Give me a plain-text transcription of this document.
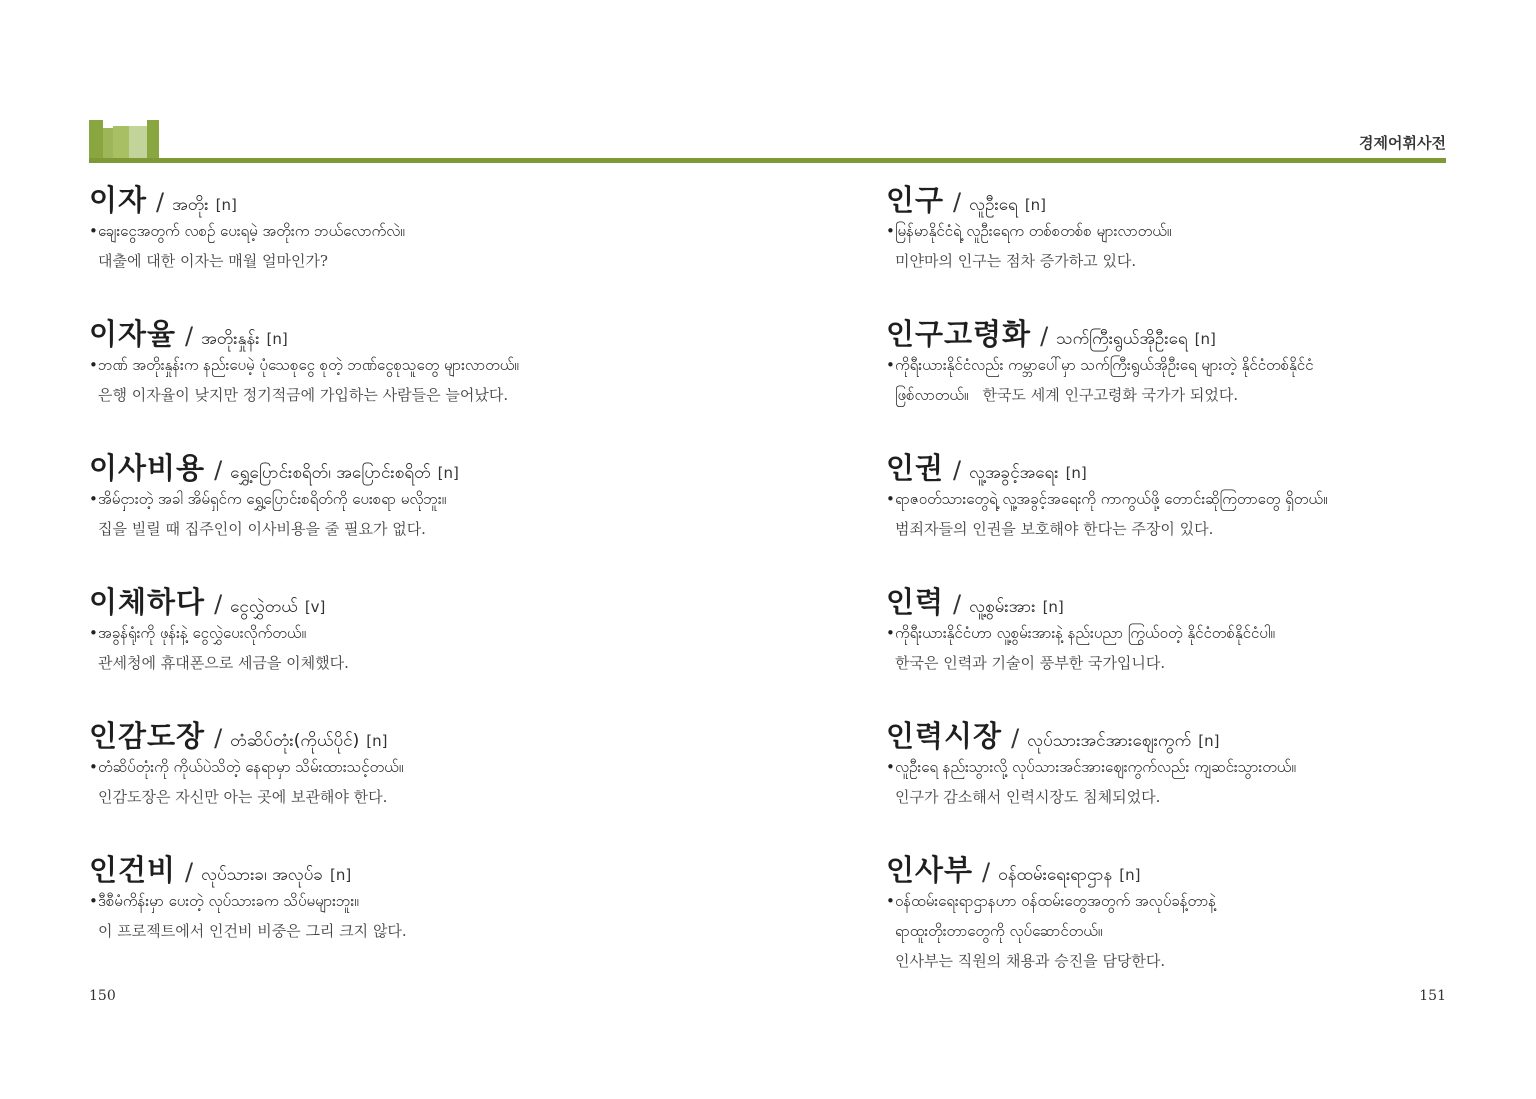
경제어휘사전
이자 / အတိုး [n]
•ချေးငွေအတွက် လစဉ် ပေးရမဲ့ အတိုးက ဘယ်လောက်လဲ။
대출에 대한 이자는 매월 얼마인가?
이자율 / အတိုးနှုန်း [n]
•ဘဏ် အတိုးနှုန်းက နည်းပေမဲ့ ပုံသေစုငွေ စုတဲ့ ဘဏ်ငွေစုသူတွေ များလာတယ်။
은행 이자율이 낮지만 정기적금에 가입하는 사람들은 늘어났다.
이사비용 / ရွှေ့ပြောင်းစရိတ်၊ အပြောင်းစရိတ် [n]
•အိမ်ငှားတဲ့ အခါ အိမ်ရှင်က ရွှေ့ပြောင်းစရိတ်ကို ပေးစရာ မလိုဘူး။
집을 빌릴 때 집주인이 이사비용을 줄 필요가 없다.
이체하다 / ငွေလွှဲတယ် [v]
•အခွန်ရုံးကို ဖုန်းနဲ့ ငွေလွှဲပေးလိုက်တယ်။
관세청에 휴대폰으로 세금을 이체했다.
인감도장 / တံဆိပ်တုံး(ကိုယ်ပိုင်) [n]
•တံဆိပ်တုံးကို ကိုယ်ပဲသိတဲ့ နေရာမှာ သိမ်းထားသင့်တယ်။
인감도장은 자신만 아는 곳에 보관해야 한다.
인건비 / လုပ်သားခ၊ အလုပ်ခ [n]
•ဒီစီမံကိန်းမှာ ပေးတဲ့ လုပ်သားခက သိပ်မများဘူး။
이 프로젝트에서 인건비 비중은 그리 크지 않다.
인구 / လူဦးရေ [n]
•မြန်မာနိုင်ငံရဲ့ လူဦးရေက တစ်စတစ်စ များလာတယ်။
미얀마의 인구는 점차 증가하고 있다.
인구고령화 / သက်ကြီးရွယ်အိုဦးရေ [n]
•ကိုရီးယားနိုင်ငံလည်း ကမ္ဘာပေါ်မှာ သက်ကြီးရွယ်အိုဦးရေ များတဲ့ နိုင်ငံတစ်နိုင်ငံ
ဖြစ်လာတယ်။ 한국도 세계 인구고령화 국가가 되었다.
인권 / လူ့အခွင့်အရေး [n]
•ရာဇဝတ်သားတွေရဲ့ လူ့အခွင့်အရေးကို ကာကွယ်ဖို့ တောင်းဆိုကြတာတွေ ရှိတယ်။
범죄자들의 인권을 보호해야 한다는 주장이 있다.
인력 / လူ့စွမ်းအား [n]
•ကိုရီးယားနိုင်ငံဟာ လူ့စွမ်းအားနဲ့ နည်းပညာ ကြွယ်ဝတဲ့ နိုင်ငံတစ်နိုင်ငံပါ။
한국은 인력과 기술이 풍부한 국가입니다.
인력시장 / လုပ်သားအင်အားဈေးကွက် [n]
•လူဦးရေ နည်းသွားလို့ လုပ်သားအင်အားဈေးကွက်လည်း ကျဆင်းသွားတယ်။
인구가 감소해서 인력시장도 침체되었다.
인사부 / ဝန်ထမ်းရေးရာဌာန [n]
•ဝန်ထမ်းရေးရာဌာနဟာ ဝန်ထမ်းတွေအတွက် အလုပ်ခန့်တာနဲ့
ရာထူးတိုးတာတွေကို လုပ်ဆောင်တယ်။
인사부는 직원의 채용과 승진을 담당한다.
150	151
